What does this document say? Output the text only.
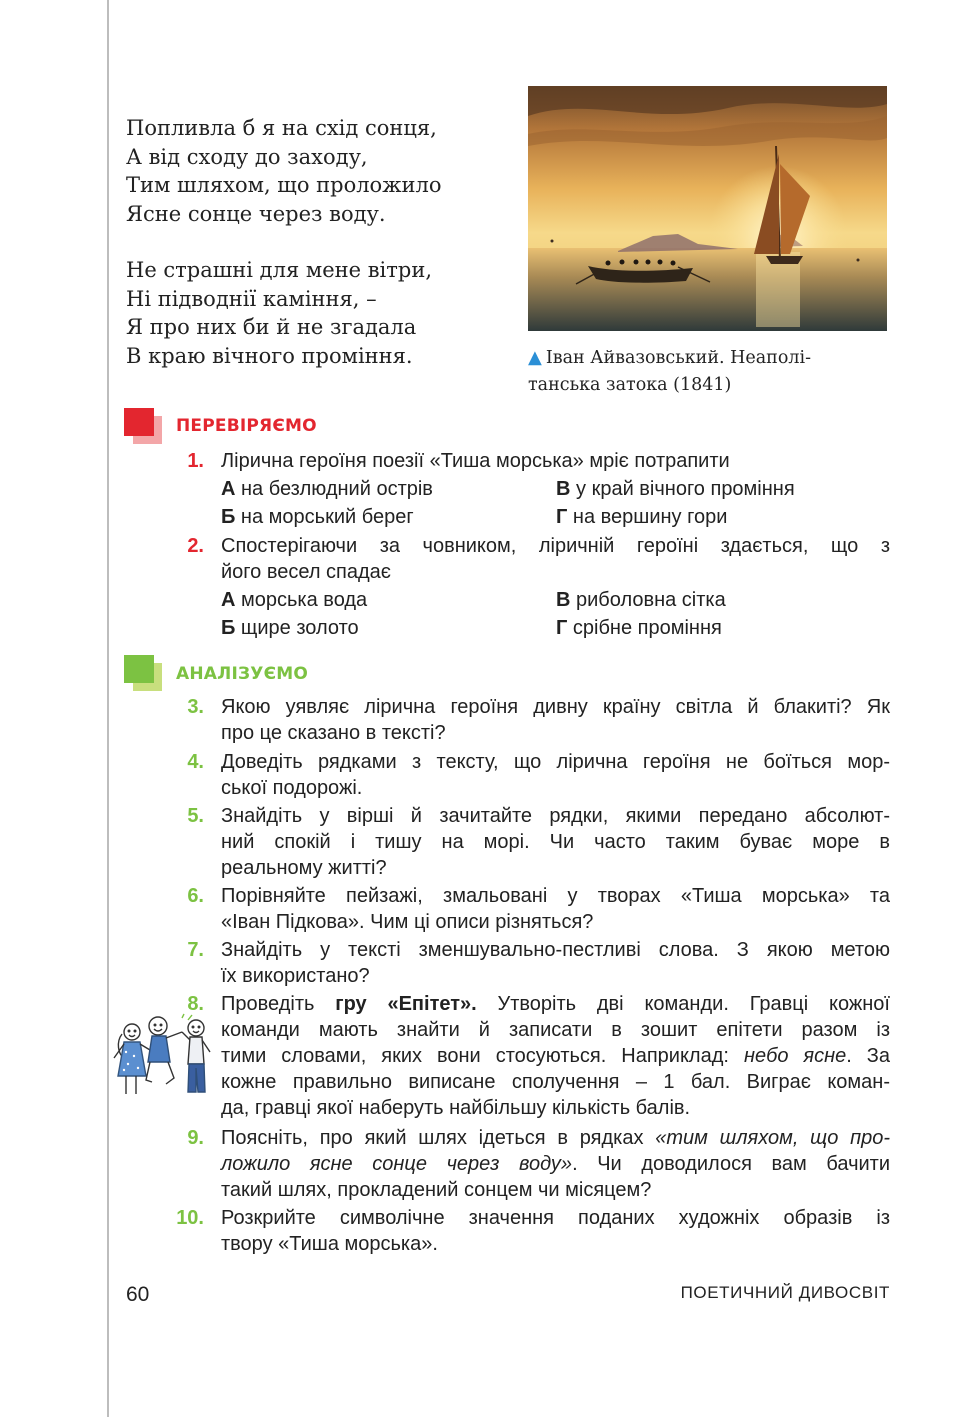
Попливла б я на схід сонця,
А від сходу до заходу,
Тим шляхом, що проложило
Ясне сонце через воду.
Не страшні для мене вітри,
Ні підводнії каміння, –
Я про них би й не згадала
В краю вічного проміння.	▲ Іван Айвазовський. Неаполі-
танська затока (1841)
ПЕРЕВІРЯЄМО
1. Лірична героїня поезії «Тиша морська» мріє потрапити
А на безлюдний острів	В у край вічного проміння
Б на морський берег	Г на вершину гори
2. Спостерігаючи за човником, ліричній героїні здається, що з
його весел спадає
А морська вода	В риболовна сітка
Б щире золото	Г срібне проміння
АНАЛІЗУЄМО
3. Якою уявляє лірична героїня дивну країну світла й блакиті? Як
про це сказано в тексті?
4. Доведіть рядками з тексту, що лірична героїня не боїться мор-
ської подорожі.
5. Знайдіть у вірші й зачитайте рядки, якими передано абсолют-
ний спокій і тишу на морі. Чи часто таким буває море в
реальному житті?
6. Порівняйте пейзажі, змальовані у творах «Тиша морська» та
«Іван Підкова». Чим ці описи різняться?
7. Знайдіть у тексті зменшувально-пестливі слова. З якою метою
їх використано?
8. Проведіть гру «Епітет». Утворіть дві команди. Гравці кожної
команди мають знайти й записати в зошит епітети разом із
тими словами, яких вони стосуються. Наприклад: небо ясне. За
кожне правильно виписане сполучення – 1 бал. Виграє коман-
да, гравці якої наберуть найбільшу кількість балів.
9. Поясніть, про який шлях ідеться в рядках «тим шляхом, що про-
ложило ясне сонце через воду». Чи доводилося вам бачити
такий шлях, прокладений сонцем чи місяцем?
10. Розкрийте символічне значення поданих художніх образів із
твору «Тиша морська».
60	ПОЕТИЧНИЙ ДИВОСВІТ
